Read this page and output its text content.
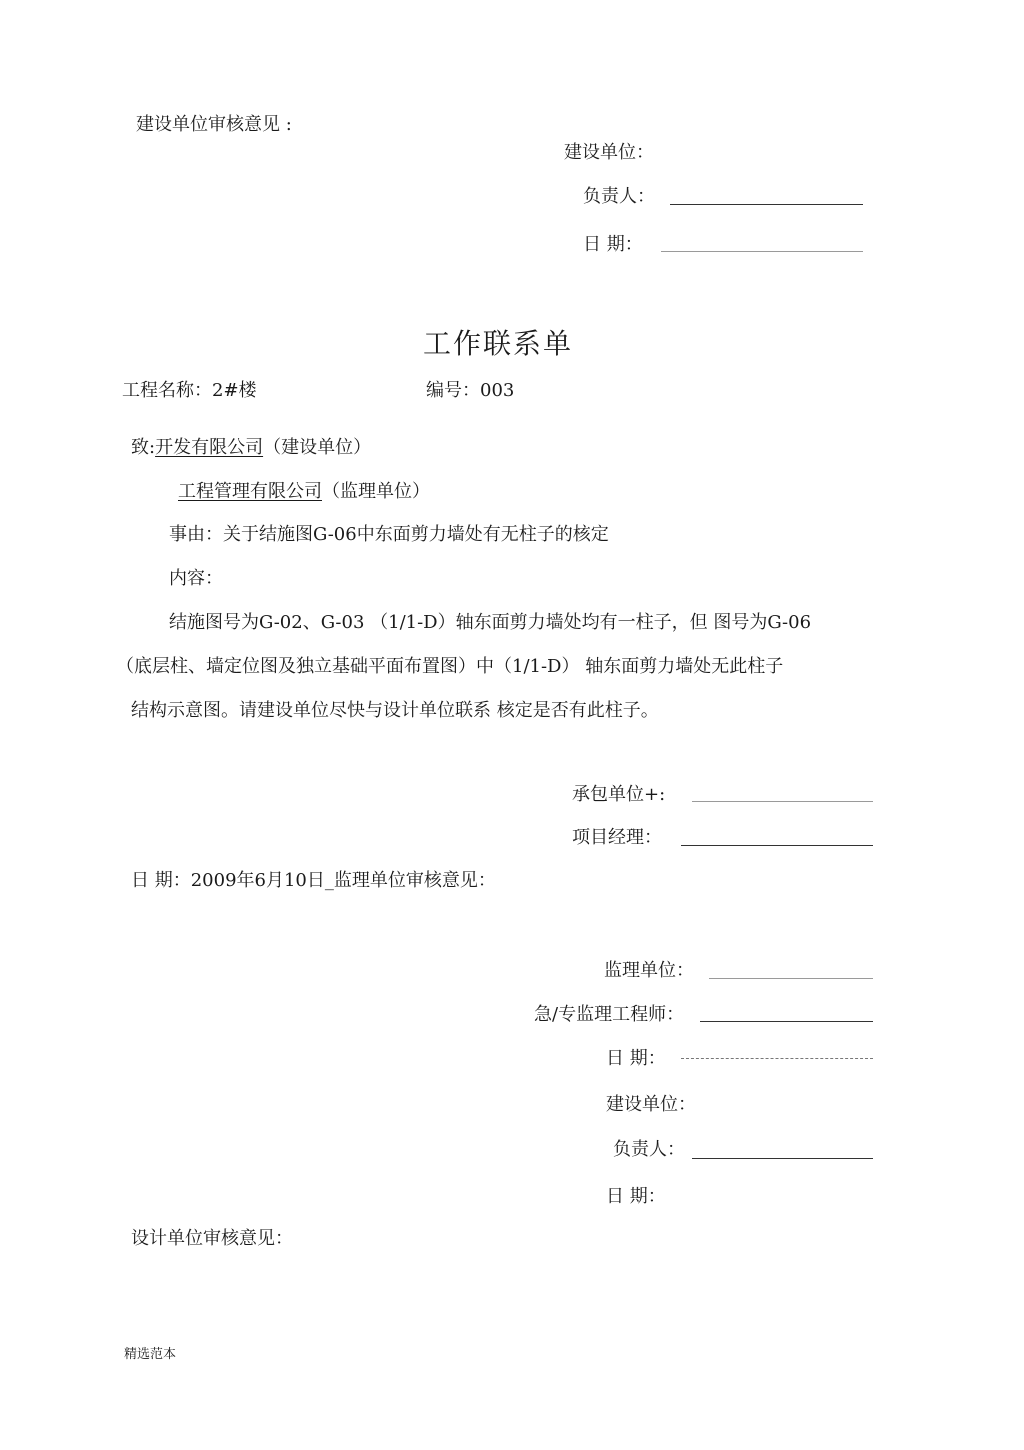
建设单位审核意见 :
建设单位：
负责人：
日 期：
工作联系单
工程名称：2#楼	编号：003
致:开发有限公司（建设单位）
工程管理有限公司（监理单位）
事由：关于结施图G-06中东面剪力墙处有无柱子的核定
内容：
结施图号为G-02、G-03 （1/1-D）轴东面剪力墙处均有一柱子，但 图号为G-06
（底层柱、墙定位图及独立基础平面布置图）中（1/1-D） 轴东面剪力墙处无此柱子
结构示意图。请建设单位尽快与设计单位联系 核定是否有此柱子。
承包单位+:
项目经理：
日 期：2009年6月10日_监理单位审核意见：
监理单位：
急/专监理工程师：
日 期：
建设单位：
负责人：
日 期：
设计单位审核意见：
精选范本
